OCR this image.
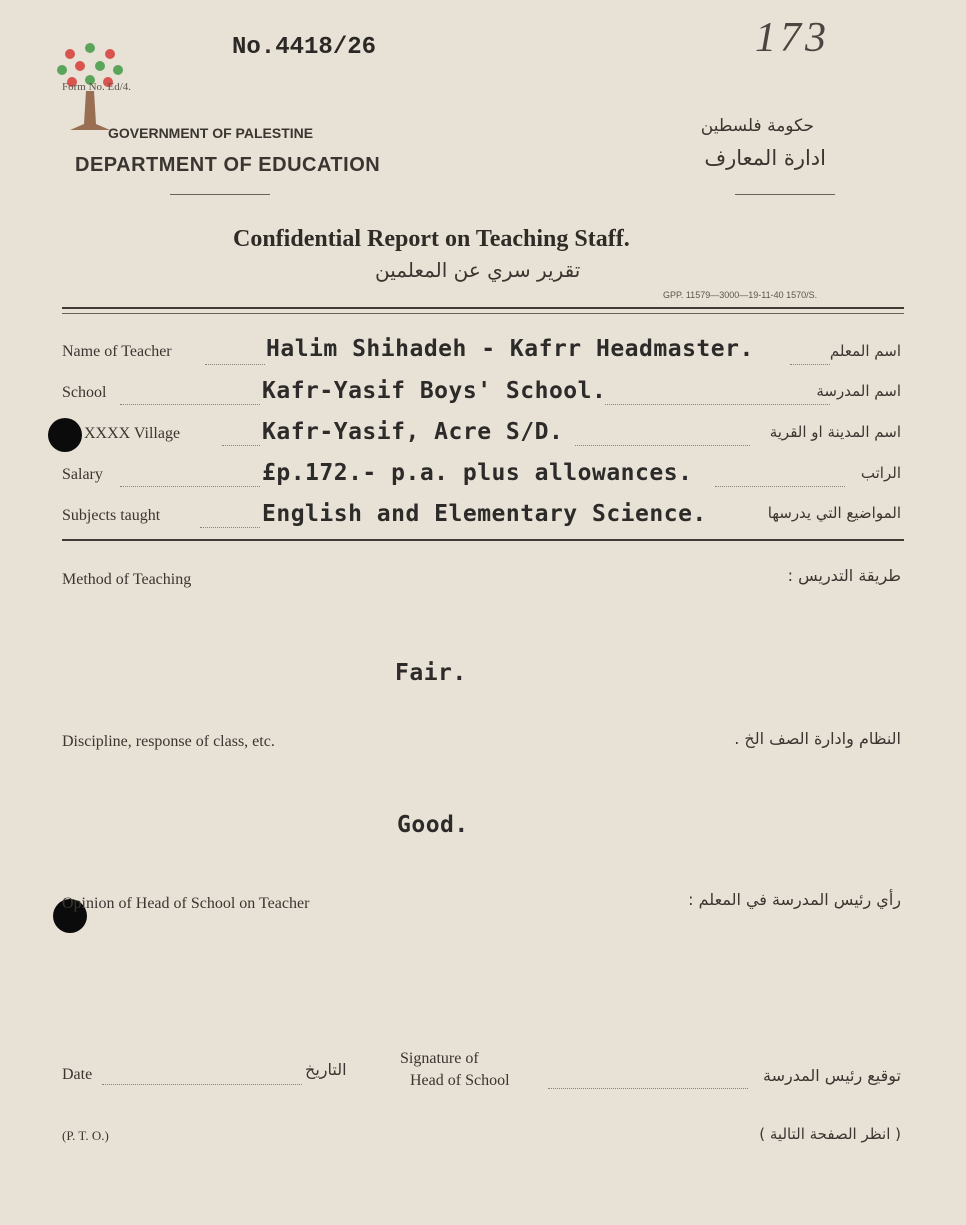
No.4418/26	173
Form No. Ed/4.
GOVERNMENT OF PALESTINE
DEPARTMENT OF EDUCATION
حكومة فلسطين
ادارة المعارف
Confidential Report on Teaching Staff.
تقرير سري عن المعلمين
GPP. 11579—3000—19-11-40 1570/S.
Name of Teacher	Halim Shihadeh - Kafrr Headmaster.	اسم المعلم
School	Kafr-Yasif Boys' School.	اسم المدرسة
XXXX Village	Kafr-Yasif, Acre S/D.	اسم المدينة او القرية
Salary	£p.172.- p.a. plus allowances.	الراتب
Subjects taught	English and Elementary Science.	المواضيع التي يدرسها
Method of Teaching	طريقة التدريس :
Fair.
Discipline, response of class, etc.	النظام وادارة الصف الخ .
Good.
Opinion of Head of School on Teacher	رأي رئيس المدرسة في المعلم :
Date	التاريخ
Signature of
Head of School	توقيع رئيس المدرسة
(P. T. O.)	( انظر الصفحة التالية )
